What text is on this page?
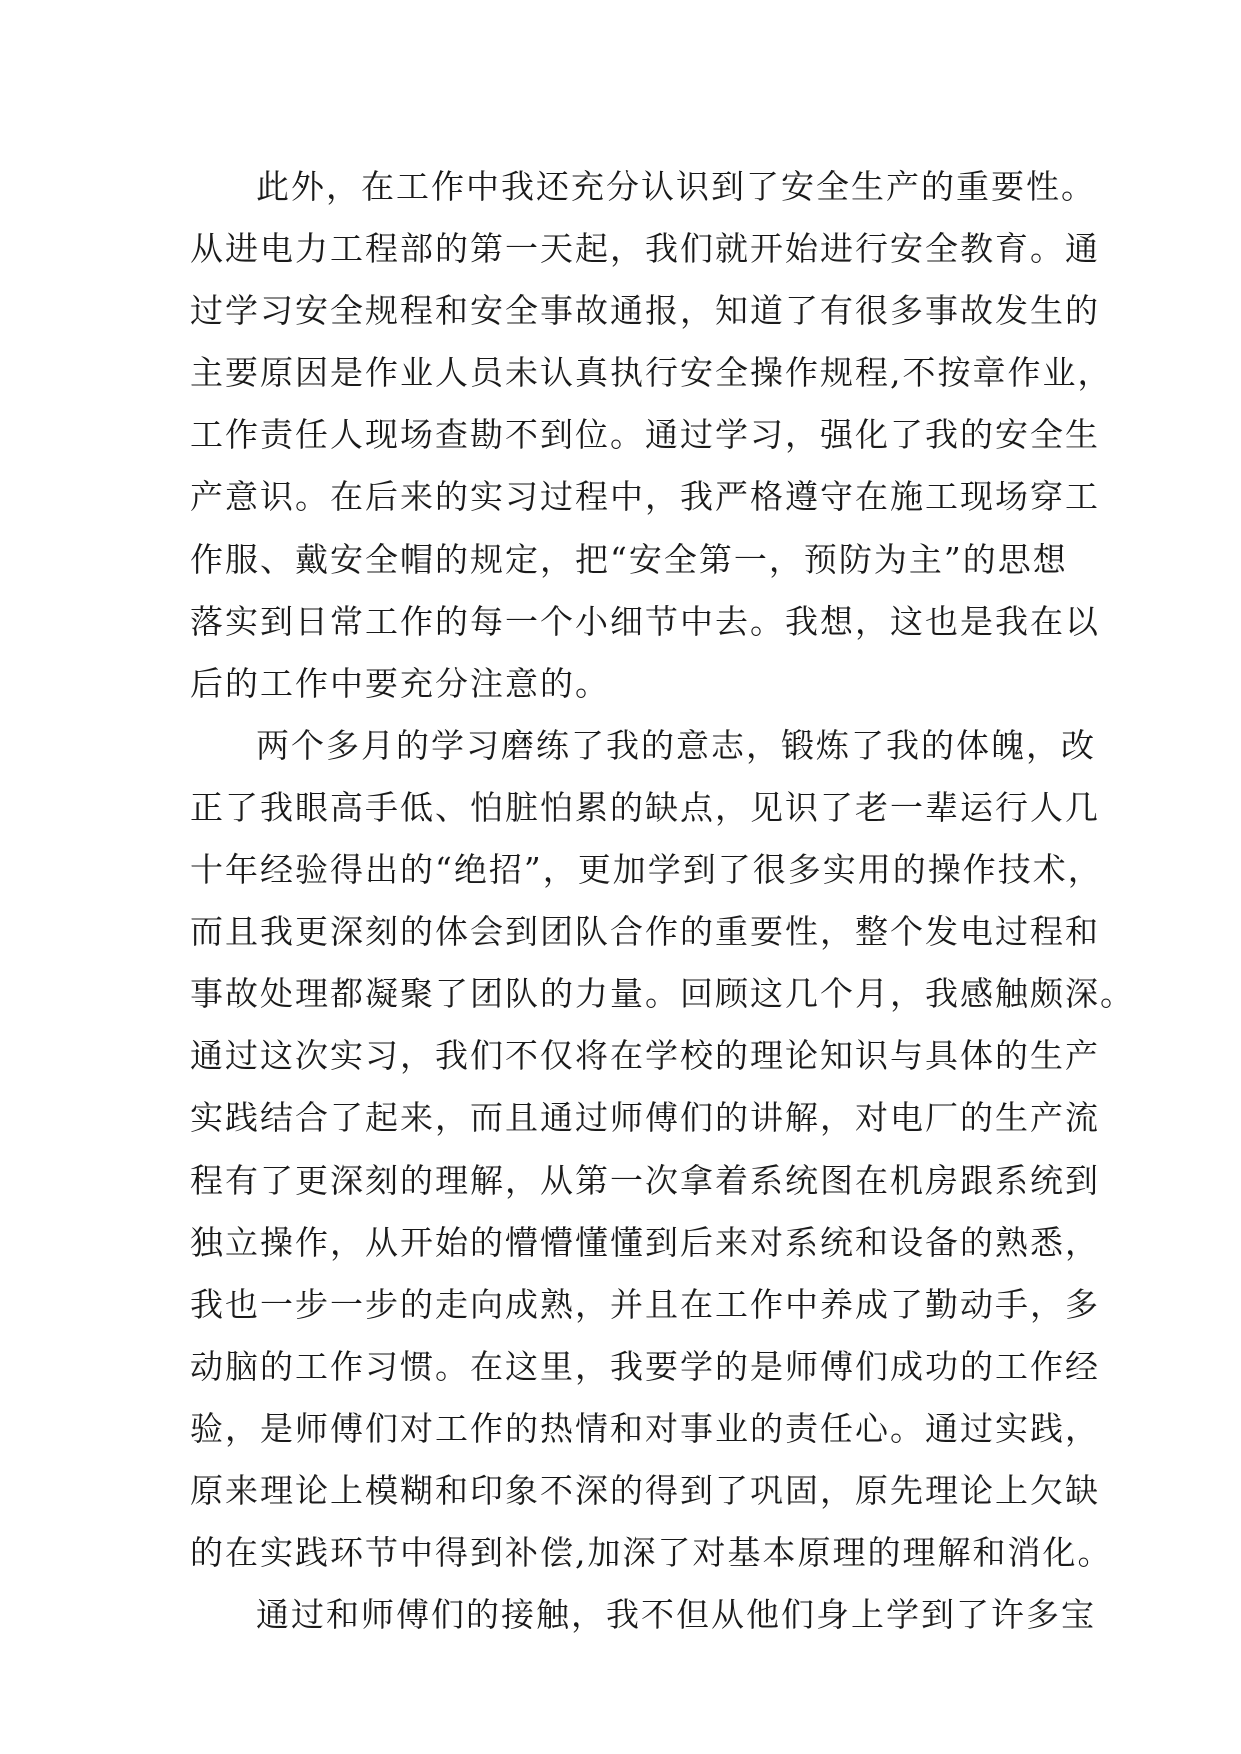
此外，在工作中我还充分认识到了安全生产的重要性。
从进电力工程部的第一天起，我们就开始进行安全教育。通
过学习安全规程和安全事故通报，知道了有很多事故发生的
主要原因是作业人员未认真执行安全操作规程,不按章作业，
工作责任人现场查勘不到位。通过学习，强化了我的安全生
产意识。在后来的实习过程中，我严格遵守在施工现场穿工
作服、戴安全帽的规定，把“安全第一，预防为主”的思想
落实到日常工作的每一个小细节中去。我想，这也是我在以
后的工作中要充分注意的。
两个多月的学习磨练了我的意志，锻炼了我的体魄，改
正了我眼高手低、怕脏怕累的缺点，见识了老一辈运行人几
十年经验得出的“绝招”，更加学到了很多实用的操作技术，
而且我更深刻的体会到团队合作的重要性，整个发电过程和
事故处理都凝聚了团队的力量。回顾这几个月，我感触颇深。
通过这次实习，我们不仅将在学校的理论知识与具体的生产
实践结合了起来，而且通过师傅们的讲解，对电厂的生产流
程有了更深刻的理解，从第一次拿着系统图在机房跟系统到
独立操作，从开始的懵懵懂懂到后来对系统和设备的熟悉，
我也一步一步的走向成熟，并且在工作中养成了勤动手，多
动脑的工作习惯。在这里，我要学的是师傅们成功的工作经
验，是师傅们对工作的热情和对事业的责任心。通过实践，
原来理论上模糊和印象不深的得到了巩固，原先理论上欠缺
的在实践环节中得到补偿,加深了对基本原理的理解和消化。
通过和师傅们的接触，我不但从他们身上学到了许多宝
